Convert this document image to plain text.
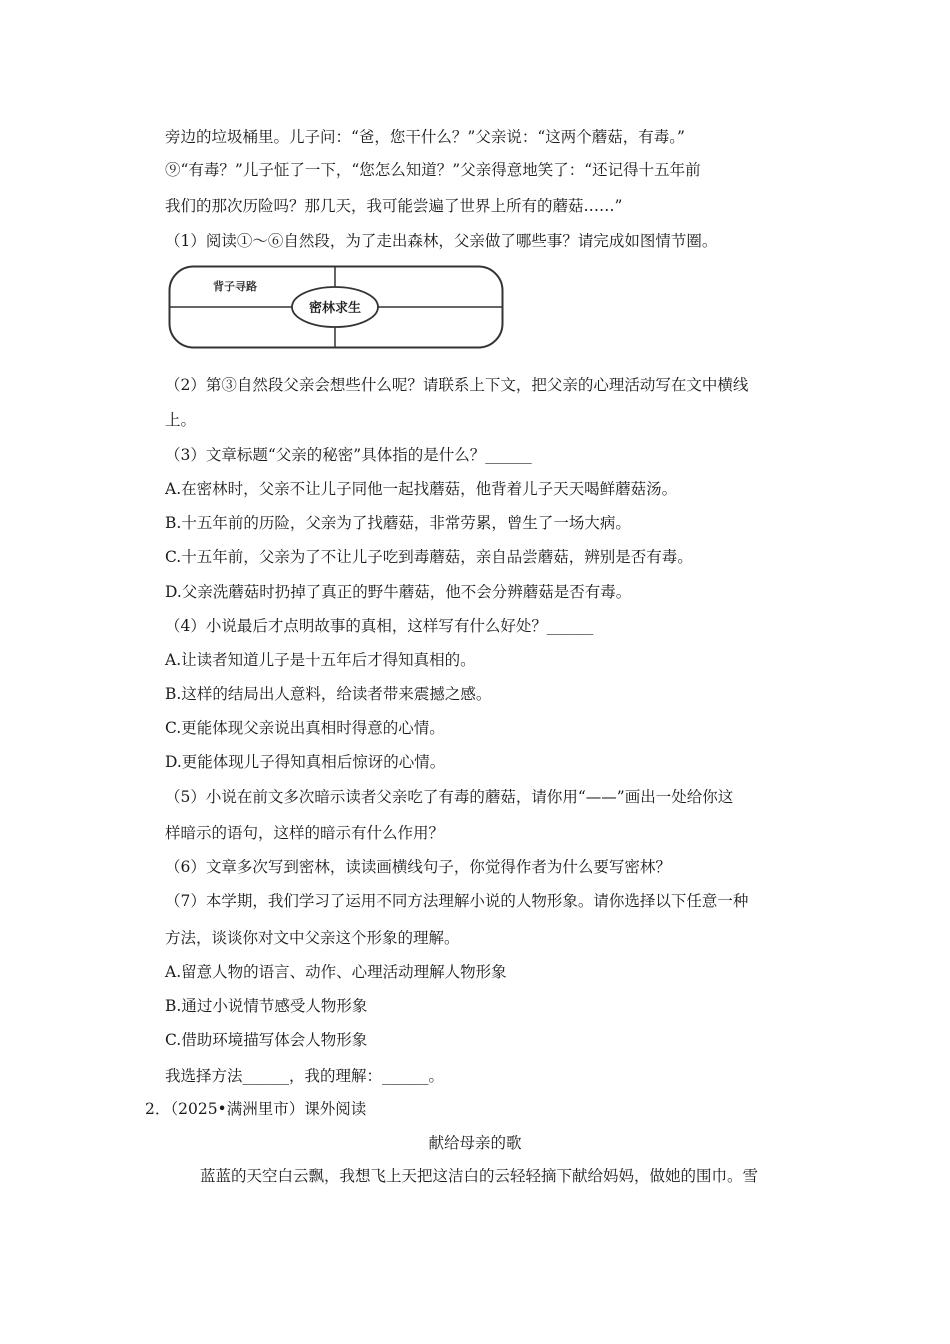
旁边的垃圾桶里。儿子问：“爸，您干什么？”父亲说：“这两个蘑菇，有毒。”
⑨“有毒？”儿子怔了一下，“您怎么知道？”父亲得意地笑了：“还记得十五年前
我们的那次历险吗？那几天，我可能尝遍了世界上所有的蘑菇……”
（1）阅读①～⑥自然段，为了走出森林，父亲做了哪些事？请完成如图情节圈。
密林求生
背子寻路
（2）第③自然段父亲会想些什么呢？请联系上下文，把父亲的心理活动写在文中横线
上。
（3）文章标题“父亲的秘密”具体指的是什么？______
A.在密林时，父亲不让儿子同他一起找蘑菇，他背着儿子天天喝鲜蘑菇汤。
B.十五年前的历险，父亲为了找蘑菇，非常劳累，曾生了一场大病。
C.十五年前，父亲为了不让儿子吃到毒蘑菇，亲自品尝蘑菇，辨别是否有毒。
D.父亲洗蘑菇时扔掉了真正的野牛蘑菇，他不会分辨蘑菇是否有毒。
（4）小说最后才点明故事的真相，这样写有什么好处？______
A.让读者知道儿子是十五年后才得知真相的。
B.这样的结局出人意料，给读者带来震撼之感。
C.更能体现父亲说出真相时得意的心情。
D.更能体现儿子得知真相后惊讶的心情。
（5）小说在前文多次暗示读者父亲吃了有毒的蘑菇，请你用“——”画出一处给你这
样暗示的语句，这样的暗示有什么作用？
（6）文章多次写到密林，读读画横线句子，你觉得作者为什么要写密林？
（7）本学期，我们学习了运用不同方法理解小说的人物形象。请你选择以下任意一种
方法，谈谈你对文中父亲这个形象的理解。
A.留意人物的语言、动作、心理活动理解人物形象
B.通过小说情节感受人物形象
C.借助环境描写体会人物形象
我选择方法______，我的理解：______。
2．（2025•满洲里市）课外阅读
献给母亲的歌
蓝蓝的天空白云飘，我想飞上天把这洁白的云轻轻摘下献给妈妈，做她的围巾。雪
